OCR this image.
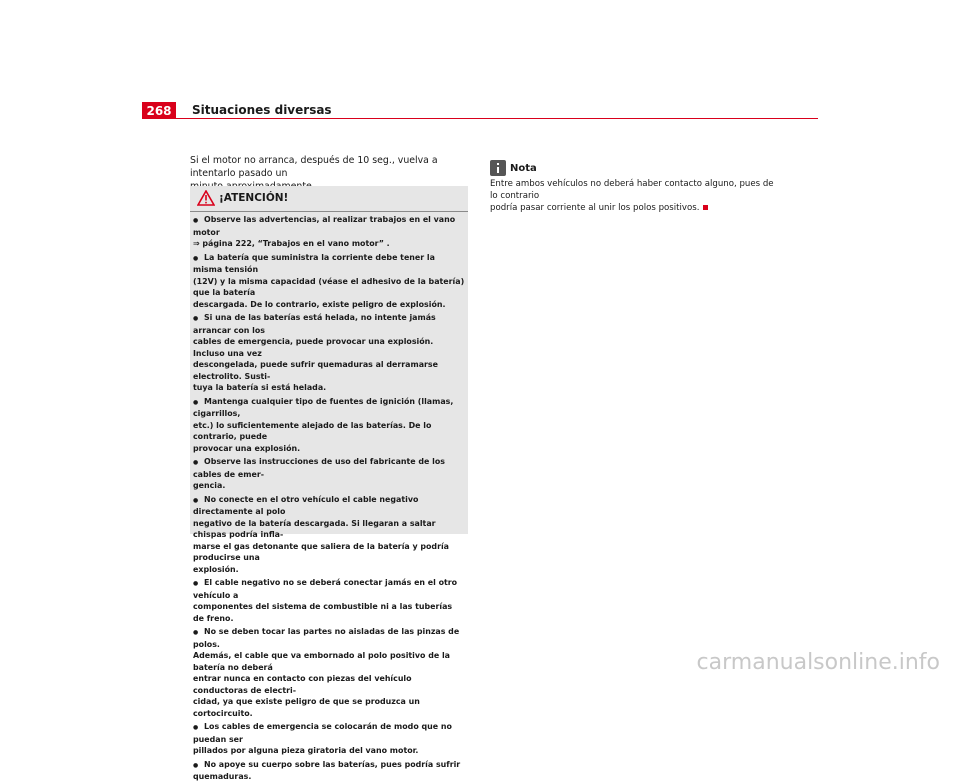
268	Situaciones diversas
Si el motor no arranca, después de 10 seg., vuelva a intentarlo pasado un
¡ATENCIÓN!
● Observe las advertencias, al realizar trabajos en el vano motor
⇒ página 222, “Trabajos en el vano motor” .
● La batería que suministra la corriente debe tener la misma tensión
(12V) y la misma capacidad (véase el adhesivo de la batería) que la batería
descargada. De lo contrario, existe peligro de explosión.
● Si una de las baterías está helada, no intente jamás arrancar con los
cables de emergencia, puede provocar una explosión. Incluso una vez
descongelada, puede sufrir quemaduras al derramarse electrolito. Susti-
tuya la batería si está helada.
● Mantenga cualquier tipo de fuentes de ignición (llamas, cigarrillos,
etc.) lo suficientemente alejado de las baterías. De lo contrario, puede
provocar una explosión.
● Observe las instrucciones de uso del fabricante de los cables de emer-
gencia.
● No conecte en el otro vehículo el cable negativo directamente al polo
negativo de la batería descargada. Si llegaran a saltar chispas podría infla-
marse el gas detonante que saliera de la batería y podría producirse una
explosión.
● El cable negativo no se deberá conectar jamás en el otro vehículo a
componentes del sistema de combustible ni a las tuberías de freno.
● No se deben tocar las partes no aisladas de las pinzas de polos.
Además, el cable que va embornado al polo positivo de la batería no deberá
entrar nunca en contacto con piezas del vehículo conductoras de electri-
cidad, ya que existe peligro de que se produzca un cortocircuito.
● Los cables de emergencia se colocarán de modo que no puedan ser
pillados por alguna pieza giratoria del vano motor.
● No apoye su cuerpo sobre las baterías, pues podría sufrir quemaduras.
Nota
Entre ambos vehículos no deberá haber contacto alguno, pues de lo contrario
podría pasar corriente al unir los polos positivos.
carmanualsonline.info
